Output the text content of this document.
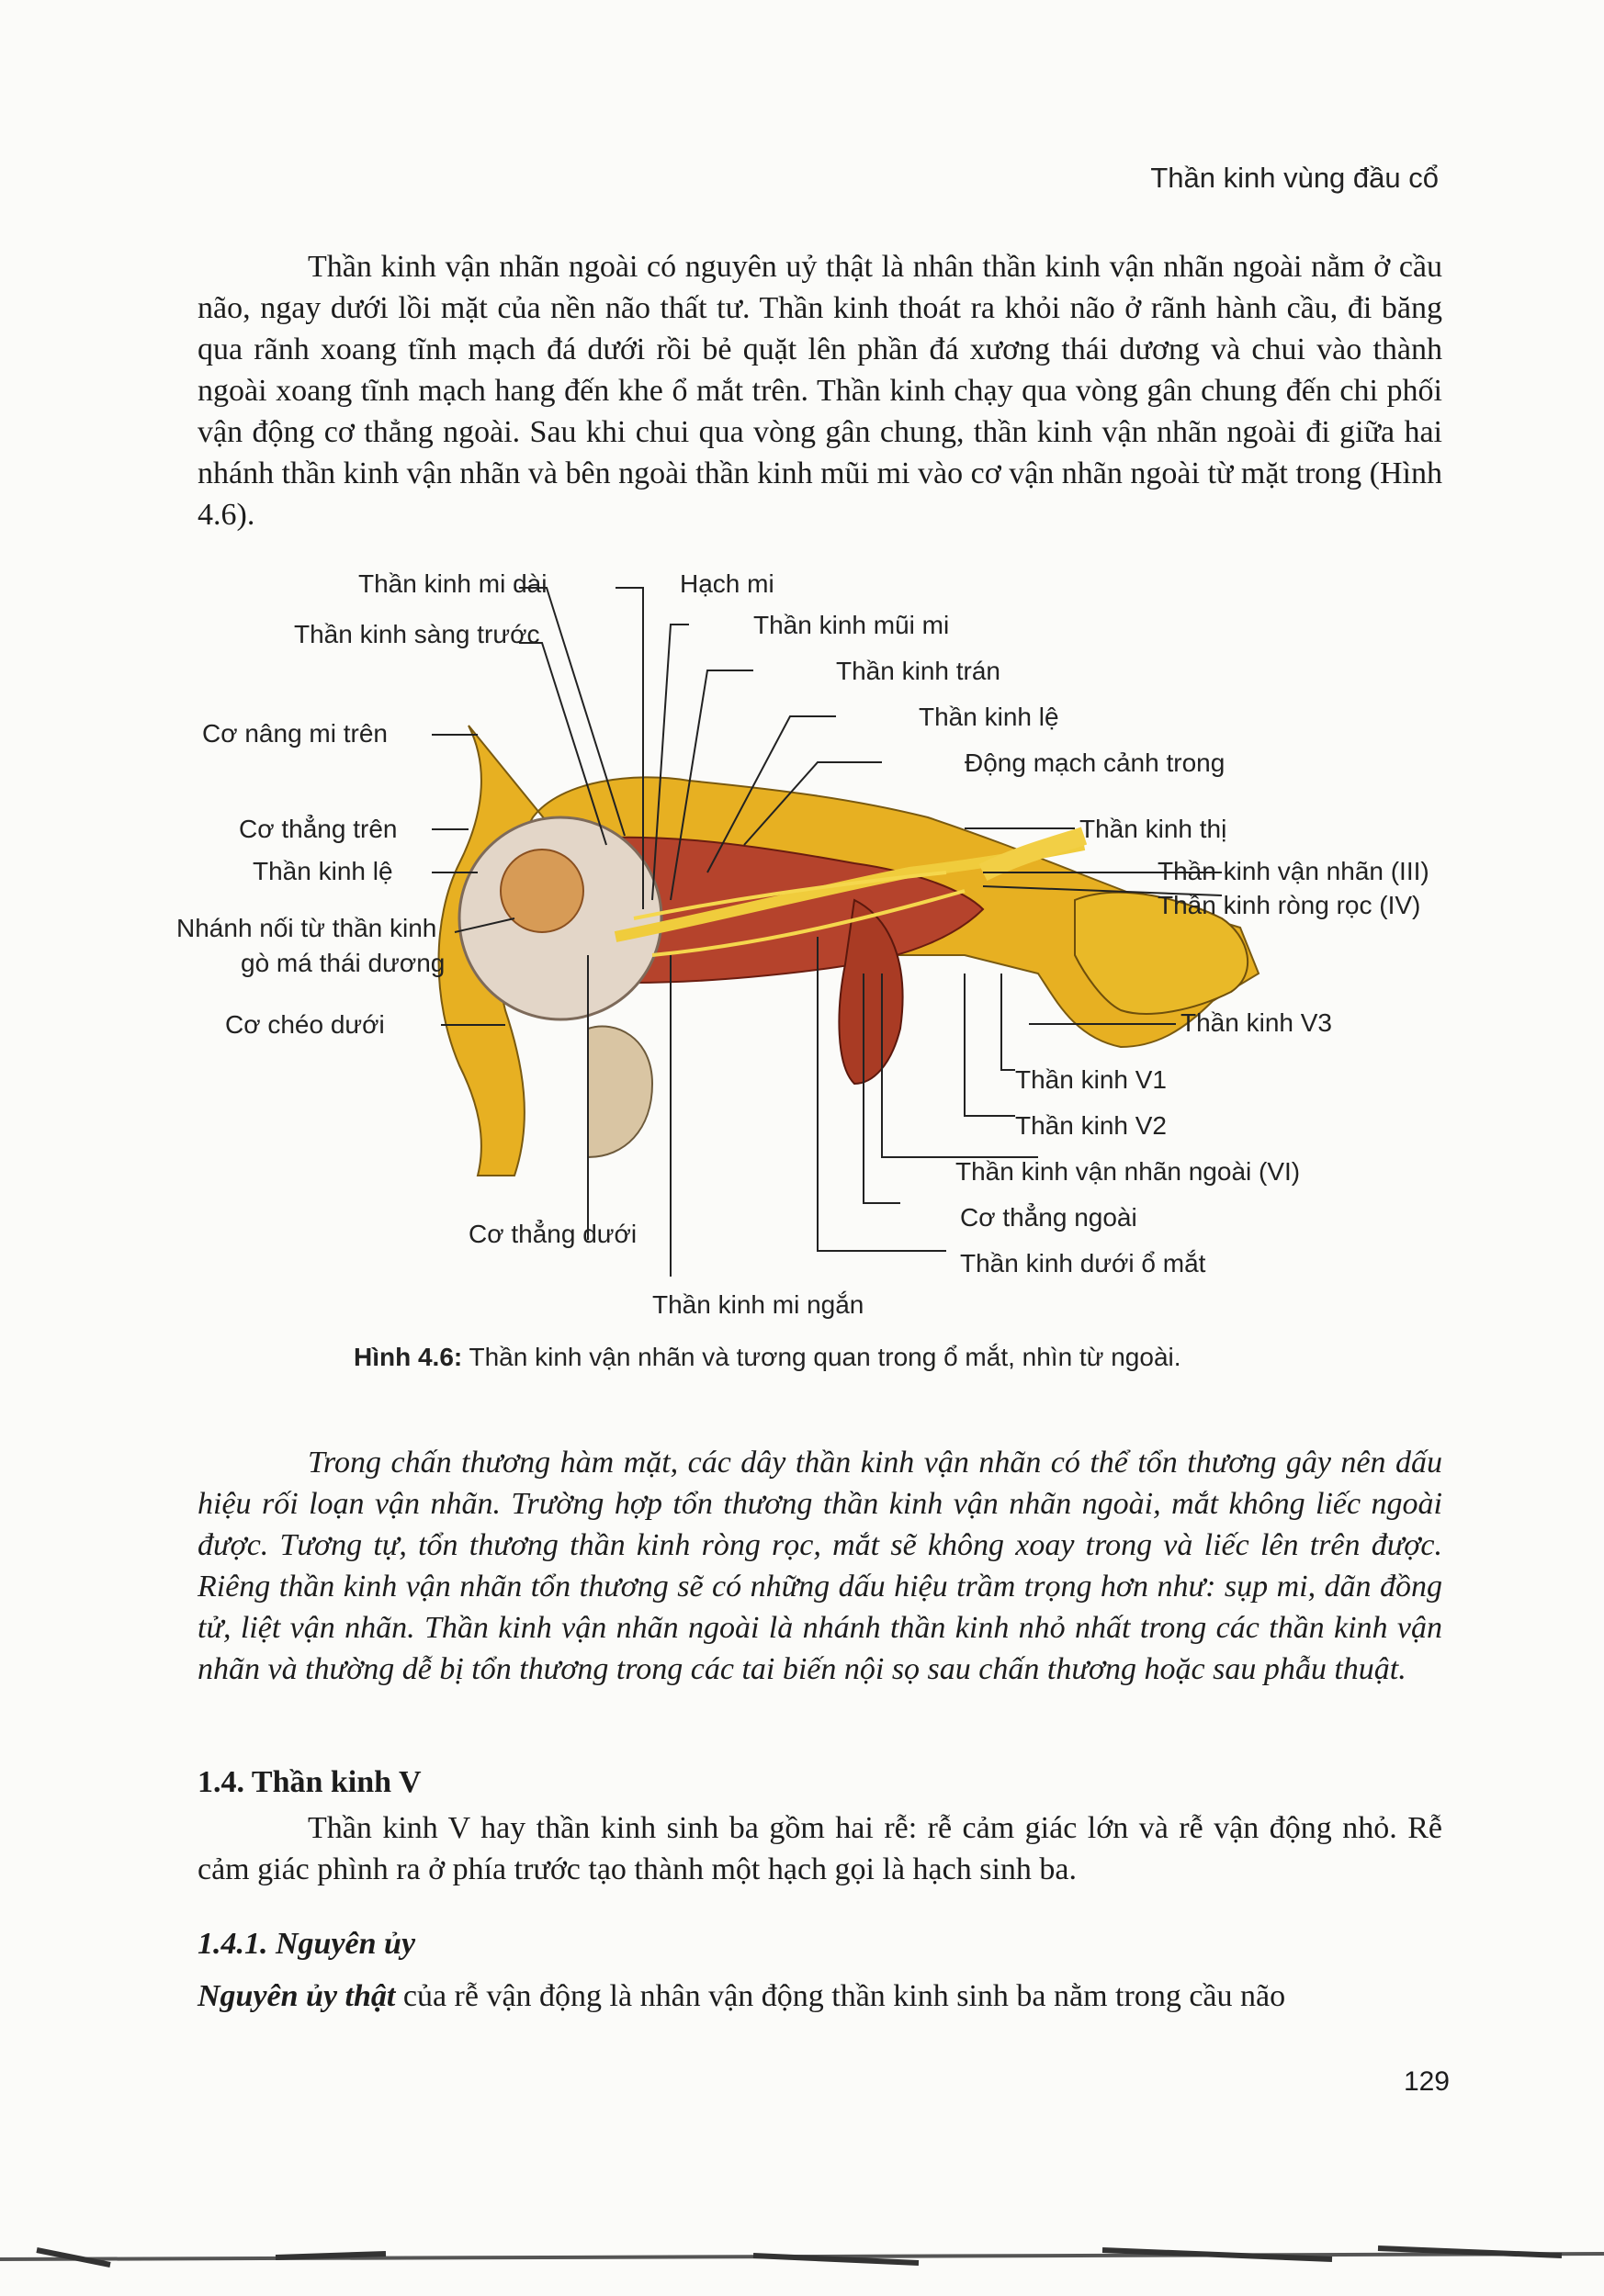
Thần kinh vùng đầu cổ

Thần kinh vận nhãn ngoài có nguyên uỷ thật là nhân thần kinh vận nhãn ngoài nằm ở cầu não, ngay dưới lồi mặt của nền não thất tư. Thần kinh thoát ra khỏi não ở rãnh hành cầu, đi băng qua rãnh xoang tĩnh mạch đá dưới rồi bẻ quặt lên phần đá xương thái dương và chui vào thành ngoài xoang tĩnh mạch hang đến khe ổ mắt trên. Thần kinh chạy qua vòng gân chung đến chi phối vận động cơ thẳng ngoài. Sau khi chui qua vòng gân chung, thần kinh vận nhãn ngoài đi giữa hai nhánh thần kinh vận nhãn và bên ngoài thần kinh mũi mi vào cơ vận nhãn ngoài từ mặt trong (Hình 4.6).

Thần kinh mi dài	Hạch mi
Thần kinh sàng trước	Thần kinh mũi mi
Thần kinh trán
Cơ nâng mi trên
Thần kinh lệ
Động mạch cảnh trong
Cơ thẳng trên	Thần kinh thị
Thần kinh lệ	Thần kinh vận nhãn (III)
Thần kinh ròng rọc (IV)
Nhánh nối từ thần kinh
gò má thái dương
Cơ chéo dưới	Thần kinh V3
Thần kinh V1
Thần kinh V2
Thần kinh vận nhãn ngoài (VI)
Cơ thẳng dưới
Cơ thẳng ngoài
Thần kinh dưới ổ mắt
Thần kinh mi ngắn
Hình 4.6: Thần kinh vận nhãn và tương quan trong ổ mắt, nhìn từ ngoài.

Trong chấn thương hàm mặt, các dây thần kinh vận nhãn có thể tổn thương gây nên dấu hiệu rối loạn vận nhãn. Trường hợp tổn thương thần kinh vận nhãn ngoài, mắt không liếc ngoài được. Tương tự, tổn thương thần kinh ròng rọc, mắt sẽ không xoay trong và liếc lên trên được. Riêng thần kinh vận nhãn tổn thương sẽ có những dấu hiệu trầm trọng hơn như: sụp mi, dãn đồng tử, liệt vận nhãn. Thần kinh vận nhãn ngoài là nhánh thần kinh nhỏ nhất trong các thần kinh vận nhãn và thường dễ bị tổn thương trong các tai biến nội sọ sau chấn thương hoặc sau phẫu thuật.

1.4. Thần kinh V

Thần kinh V hay thần kinh sinh ba gồm hai rễ: rễ cảm giác lớn và rễ vận động nhỏ. Rễ cảm giác phình ra ở phía trước tạo thành một hạch gọi là hạch sinh ba.

1.4.1. Nguyên ủy
Nguyên ủy thật của rễ vận động là nhân vận động thần kinh sinh ba nằm trong cầu não
129
